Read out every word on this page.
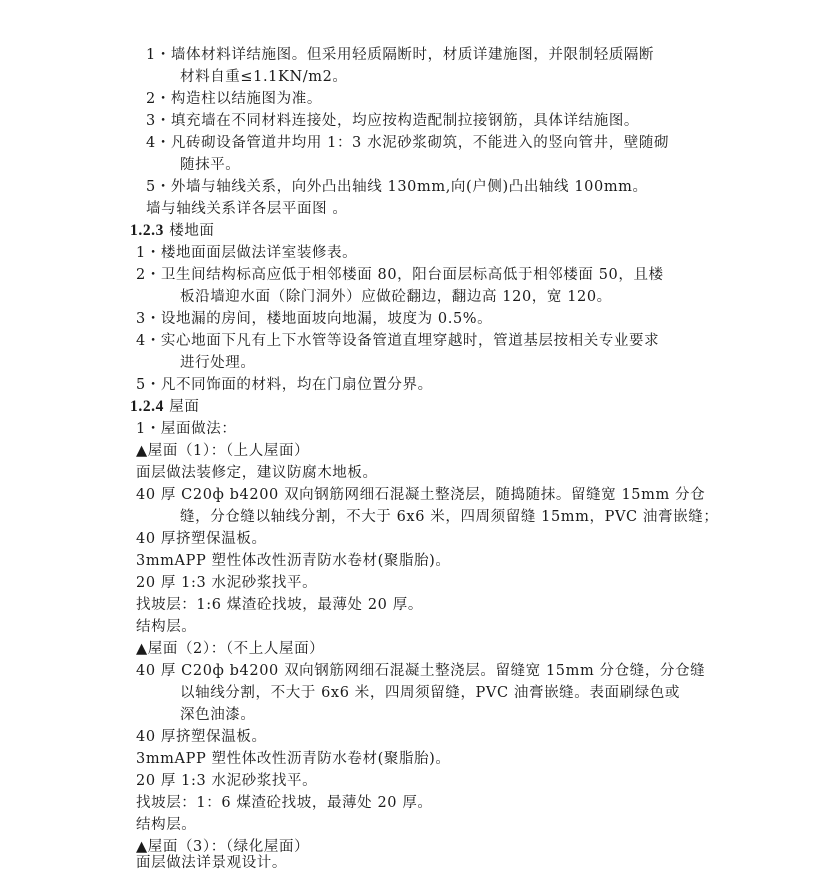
1・墙体材料详结施图。但采用轻质隔断时，材质详建施图，并限制轻质隔断
材料自重≤1.1KN/m2。
2・构造柱以结施图为准。
3・填充墙在不同材料连接处，均应按构造配制拉接钢筋，具体详结施图。
4・凡砖砌设备管道井均用 1：3 水泥砂浆砌筑，不能进入的竖向管井，壁随砌
随抹平。
5・外墙与轴线关系，向外凸出轴线 130mm,向(户侧)凸出轴线 100mm。
墙与轴线关系详各层平面图 。
1.2.3 楼地面
1・楼地面面层做法详室装修表。
2・卫生间结构标高应低于相邻楼面 80，阳台面层标高低于相邻楼面 50，且楼
板沿墙迎水面（除门洞外）应做砼翻边，翻边高 120，宽 120。
3・设地漏的房间，楼地面坡向地漏，坡度为 0.5%。
4・实心地面下凡有上下水管等设备管道直埋穿越时，管道基层按相关专业要求
进行处理。
5・凡不同饰面的材料，均在门扇位置分界。
1.2.4 屋面
1・屋面做法：
▲屋面（1）：（上人屋面）
面层做法装修定，建议防腐木地板。
40 厚 C20ф b4200 双向钢筋网细石混凝土整浇层，随捣随抹。留缝宽 15mm 分仓
缝，分仓缝以轴线分割，不大于 6x6 米，四周须留缝 15mm，PVC 油膏嵌缝；
40 厚挤塑保温板。
3mmAPP 塑性体改性沥青防水卷材(聚脂胎)。
20 厚 1:3 水泥砂浆找平。
找坡层：1:6 煤渣砼找坡，最薄处 20 厚。
结构层。
▲屋面（2）：（不上人屋面）
40 厚 C20ф b4200 双向钢筋网细石混凝土整浇层。留缝宽 15mm 分仓缝，分仓缝
以轴线分割，不大于 6x6 米，四周须留缝，PVC 油膏嵌缝。表面刷绿色或
深色油漆。
40 厚挤塑保温板。
3mmAPP 塑性体改性沥青防水卷材(聚脂胎)。
20 厚 1:3 水泥砂浆找平。
找坡层：1：6 煤渣砼找坡，最薄处 20 厚。
结构层。
▲屋面（3）：（绿化屋面）
面层做法详景观设计。
